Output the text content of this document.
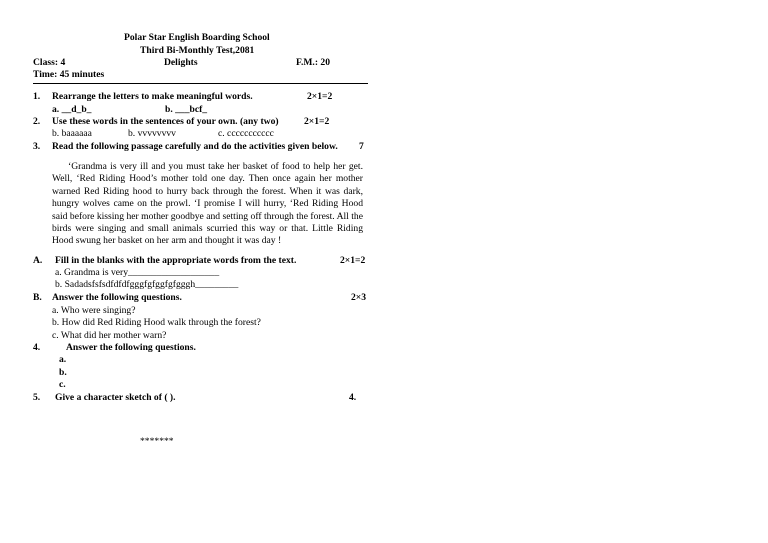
Polar Star English Boarding School
Third Bi-Monthly Test,2081
Class: 4	Delights	F.M.: 20
Time: 45 minutes
1. Rearrange the letters to make meaningful words.	2×1=2
a. __d_b_	b. ___bcf_
2. Use these words in the sentences of your own. (any two)	2×1=2
b. baaaaaa	b. vvvvvvvv	c. ccccccccccc
3. Read the following passage carefully and do the activities given below. 7
‘Grandma is very ill and you must take her basket of food to help her get. Well, ‘Red Riding Hood’s mother told one day. Then once again her mother warned Red Riding hood to hurry back through the forest. When it was dark, hungry wolves came on the prowl. ‘I promise I will hurry, ‘Red Riding Hood said before kissing her mother goodbye and setting off through the forest. All the birds were singing and small animals scurried this way or that. Little Riding Hood swung her basket on her arm and thought it was day !
A. Fill in the blanks with the appropriate words from the text.	2×1=2
a. Grandma is very___________________
b. Sadadsfsfsdfdfdfgggfgfggfgfgggh_________
B. Answer the following questions.	2×3
a. Who were singing?
b. How did Red Riding Hood walk through the forest?
c. What did her mother warn?
4.	Answer the following questions.
a.
b.
c.
5. Give a character sketch of ( ).	4.
*******
